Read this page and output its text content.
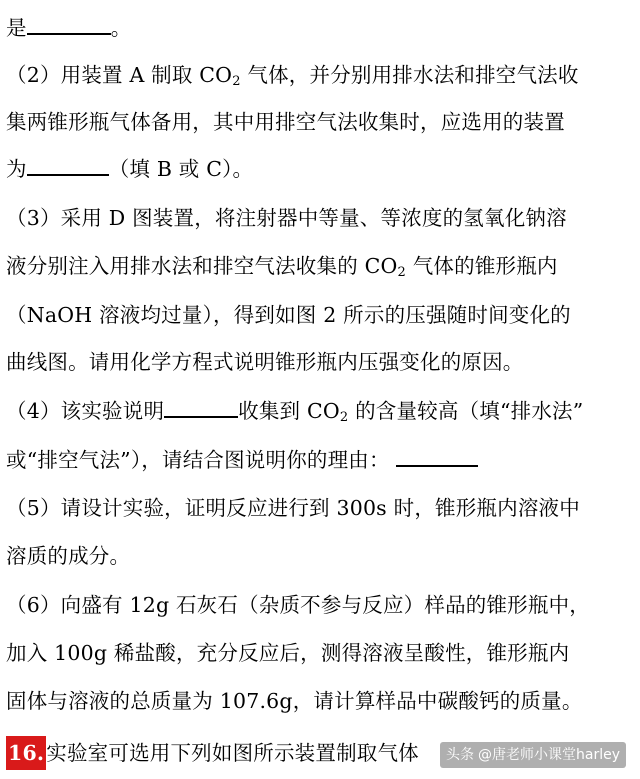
是	。
（2）用装置 A 制取 $CO_2$ 气体，并分别用排水法和排空气法收
集两锥形瓶气体备用，其中用排空气法收集时，应选用的装置
为	（填 B 或 C）。
（3）采用 D 图装置，将注射器中等量、等浓度的氢氧化钠溶
液分别注入用排水法和排空气法收集的 $CO_2$ 气体的锥形瓶内
（NaOH 溶液均过量），得到如图 2 所示的压强随时间变化的
曲线图。请用化学方程式说明锥形瓶内压强变化的原因。
（4）该实验说明	收集到 $CO_2$ 的含量较高（填“排水法”
或“排空气法”），请结合图说明你的理由：
（5）请设计实验，证明反应进行到 300s 时，锥形瓶内溶液中
溶质的成分。
（6）向盛有 12g 石灰石（杂质不参与反应）样品的锥形瓶中，
加入 100g 稀盐酸，充分反应后，测得溶液呈酸性，锥形瓶内
固体与溶液的总质量为 107.6g，请计算样品中碳酸钙的质量。
16.实验室可选用下列如图所示装置制取气体	头条 @唐老师小课堂harley
